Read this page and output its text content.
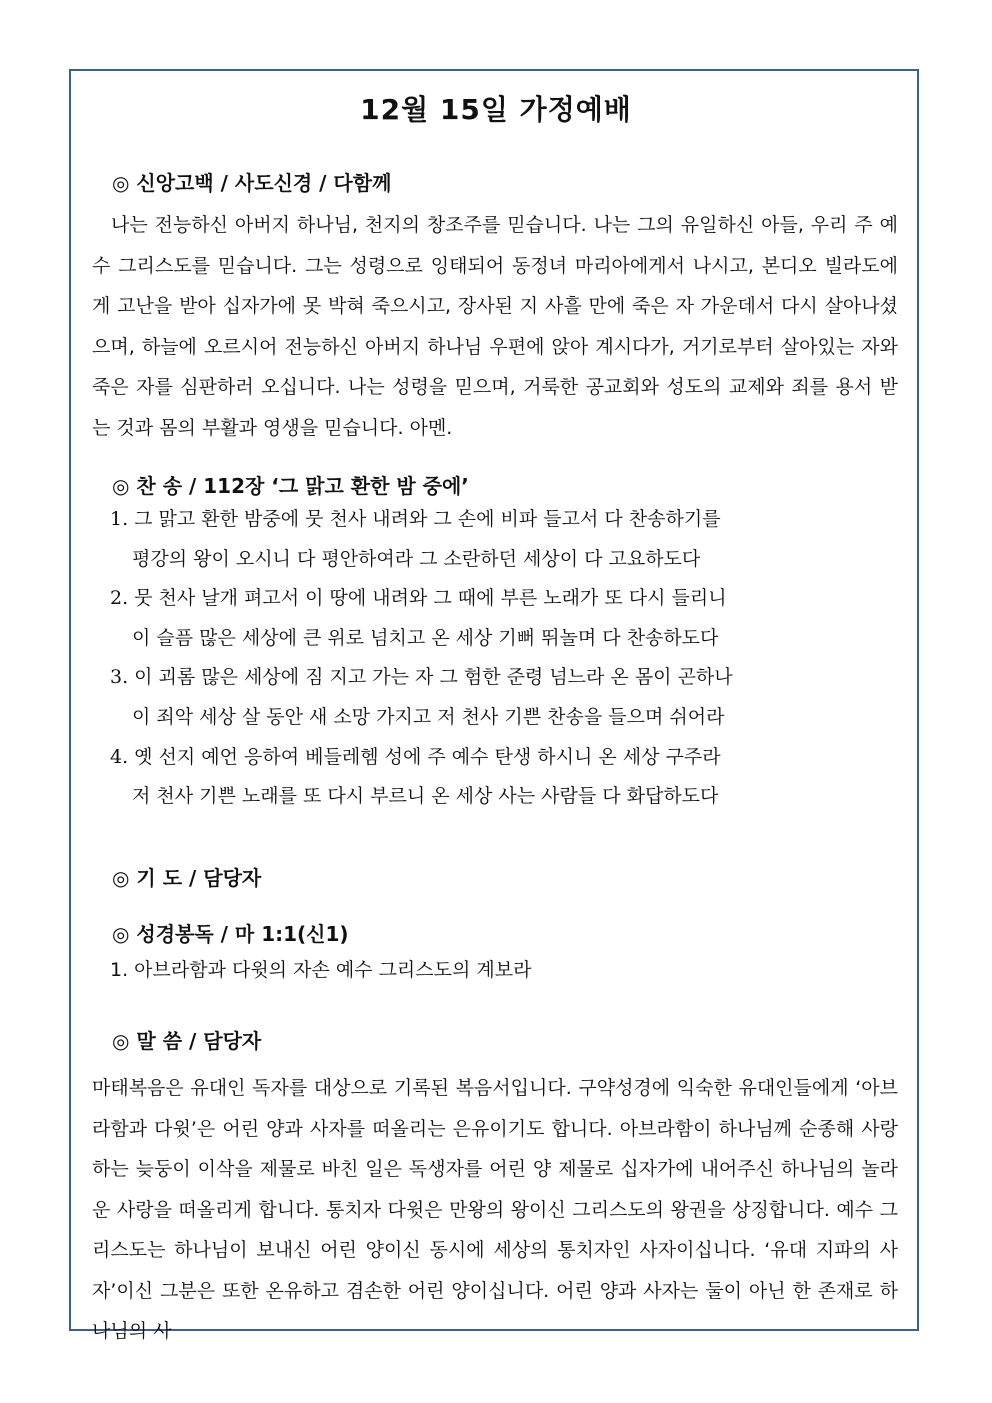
12월 15일 가정예배
◎ 신앙고백 / 사도신경 / 다함께

나는 전능하신 아버지 하나님, 천지의 창조주를 믿습니다. 나는 그의 유일하신 아들, 우리 주 예수 그리스도를 믿습니다. 그는 성령으로 잉태되어 동정녀 마리아에게서 나시고, 본디오 빌라도에게 고난을 받아 십자가에 못 박혀 죽으시고, 장사된 지 사흘 만에 죽은 자 가운데서 다시 살아나셨으며, 하늘에 오르시어 전능하신 아버지 하나님 우편에 앉아 계시다가, 거기로부터 살아있는 자와 죽은 자를 심판하러 오십니다. 나는 성령을 믿으며, 거룩한 공교회와 성도의 교제와 죄를 용서 받는 것과 몸의 부활과 영생을 믿습니다. 아멘.

◎ 찬 송 / 112장 ‘그 맑고 환한 밤 중에’
1. 그 맑고 환한 밤중에 뭇 천사 내려와 그 손에 비파 들고서 다 찬송하기를
평강의 왕이 오시니 다 평안하여라 그 소란하던 세상이 다 고요하도다
2. 뭇 천사 날개 펴고서 이 땅에 내려와 그 때에 부른 노래가 또 다시 들리니
이 슬픔 많은 세상에 큰 위로 넘치고 온 세상 기뻐 뛰놀며 다 찬송하도다
3. 이 괴롬 많은 세상에 짐 지고 가는 자 그 험한 준령 넘느라 온 몸이 곤하나
이 죄악 세상 살 동안 새 소망 가지고 저 천사 기쁜 찬송을 들으며 쉬어라
4. 옛 선지 예언 응하여 베들레헴 성에 주 예수 탄생 하시니 온 세상 구주라
저 천사 기쁜 노래를 또 다시 부르니 온 세상 사는 사람들 다 화답하도다
◎ 기 도 / 담당자
◎ 성경봉독 / 마 1:1(신1)
1. 아브라함과 다윗의 자손 예수 그리스도의 계보라
◎ 말 씀 / 담당자

마태복음은 유대인 독자를 대상으로 기록된 복음서입니다. 구약성경에 익숙한 유대인들에게 ‘아브라함과 다윗’은 어린 양과 사자를 떠올리는 은유이기도 합니다. 아브라함이 하나님께 순종해 사랑하는 늦둥이 이삭을 제물로 바친 일은 독생자를 어린 양 제물로 십자가에 내어주신 하나님의 놀라운 사랑을 떠올리게 합니다. 통치자 다윗은 만왕의 왕이신 그리스도의 왕권을 상징합니다. 예수 그리스도는 하나님이 보내신 어린 양이신 동시에 세상의 통치자인 사자이십니다. ‘유대 지파의 사자’이신 그분은 또한 온유하고 겸손한 어린 양이십니다. 어린 양과 사자는 둘이 아닌 한 존재로 하나님의 사
